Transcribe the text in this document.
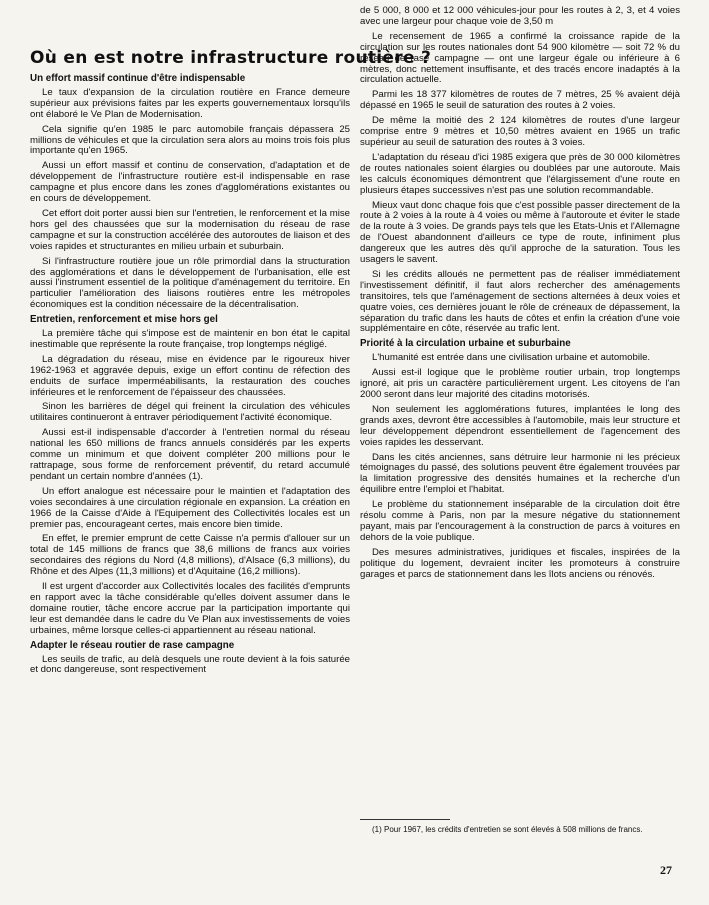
Où en est notre infrastructure routière ?
Un effort massif continue d'être indispensable

Le taux d'expansion de la circulation routière en France demeure supérieur aux prévisions faites par les experts gouvernementaux lorsqu'ils ont élaboré le Ve Plan de Modernisation.

Cela signifie qu'en 1985 le parc automobile français dépassera 25 millions de véhicules et que la circulation sera alors au moins trois fois plus importante qu'en 1965.

Aussi un effort massif et continu de conservation, d'adaptation et de développement de l'infrastructure routière est-il indispensable en rase campagne et plus encore dans les zones d'agglomérations existantes ou en cours de développement.

Cet effort doit porter aussi bien sur l'entretien, le renforcement et la mise hors gel des chaussées que sur la modernisation du réseau de rase campagne et sur la construction accélérée des autoroutes de liaison et des voies rapides et structurantes en milieu urbain et suburbain.

Si l'infrastructure routière joue un rôle primordial dans la structuration des agglomérations et dans le développement de l'urbanisation, elle est aussi l'instrument essentiel de la politique d'aménagement du territoire. En particulier l'amélioration des liaisons routières entre les métropoles économiques est la condition nécessaire de la décentralisation.

Entretien, renforcement et mise hors gel

La première tâche qui s'impose est de maintenir en bon état le capital inestimable que représente la route française, trop longtemps négligé.

La dégradation du réseau, mise en évidence par le rigoureux hiver 1962-1963 et aggravée depuis, exige un effort continu de réfection des enduits de surface imperméabilisants, la restauration des couches inférieures et le renforcement de l'épaisseur des chaussées.

Sinon les barrières de dégel qui freinent la circulation des véhicules utilitaires continueront à entraver périodiquement l'activité économique.

Aussi est-il indispensable d'accorder à l'entretien normal du réseau national les 650 millions de francs annuels considérés par les experts comme un minimum et que doivent compléter 200 millions pour le rattrapage, sous forme de renforcement préventif, du retard accumulé pendant un certain nombre d'années (1).

Un effort analogue est nécessaire pour le maintien et l'adaptation des voies secondaires à une circulation régionale en expansion. La création en 1966 de la Caisse d'Aide à l'Equipement des Collectivités locales est un premier pas, encourageant certes, mais encore bien timide.

En effet, le premier emprunt de cette Caisse n'a permis d'allouer sur un total de 145 millions de francs que 38,6 millions de francs aux voiries secondaires des régions du Nord (4,8 millions), d'Alsace (6,3 millions), du Rhône et des Alpes (11,3 millions) et d'Aquitaine (16,2 millions).

Il est urgent d'accorder aux Collectivités locales des facilités d'emprunts en rapport avec la tâche considérable qu'elles doivent assumer dans le domaine routier, tâche encore accrue par la participation importante qui leur est demandée dans le cadre du Ve Plan aux investissements de voies urbaines, même lorsque celles-ci appartiennent au réseau national.

Adapter le réseau routier de rase campagne

Les seuils de trafic, au delà desquels une route devient à la fois saturée et donc dangereuse, sont respectivement

de 5 000, 8 000 et 12 000 véhicules-jour pour les routes à 2, 3, et 4 voies avec une largeur pour chaque voie de 3,50 m

Le recensement de 1965 a confirmé la croissance rapide de la circulation sur les routes nationales dont 54 900 kilomètre — soit 72 % du réseau de rase campagne — ont une largeur égale ou inférieure à 6 mètres, donc nettement insuffisante, et des tracés encore inadaptés à la circulation actuelle.

Parmi les 18 377 kilomètres de routes de 7 mètres, 25 % avaient déjà dépassé en 1965 le seuil de saturation des routes à 2 voies.

De même la moitié des 2 124 kilomètres de routes d'une largeur comprise entre 9 mètres et 10,50 mètres avaient en 1965 un trafic supérieur au seuil de saturation des routes à 3 voies.

L'adaptation du réseau d'ici 1985 exigera que près de 30 000 kilomètres de routes nationales soient élargies ou doublées par une autoroute. Mais les calculs économiques démontrent que l'élargissement d'une route en plusieurs étapes successives n'est pas une solution recommandable.

Mieux vaut donc chaque fois que c'est possible passer directement de la route à 2 voies à la route à 4 voies ou même à l'autoroute et éviter le stade de la route à 3 voies. De grands pays tels que les Etats-Unis et l'Allemagne de l'Ouest abandonnent d'ailleurs ce type de route, infiniment plus dangereux que les autres dès qu'il approche de la saturation. Tous les usagers le savent.

Si les crédits alloués ne permettent pas de réaliser immédiatement l'investissement définitif, il faut alors rechercher des aménagements transitoires, tels que l'aménagement de sections alternées à deux voies et quatre voies, ces dernières jouant le rôle de créneaux de dépassement, la séparation du trafic dans les hauts de côtes et enfin la création d'une voie supplémentaire en côte, réservée au trafic lent.

Priorité à la circulation urbaine et suburbaine

L'humanité est entrée dans une civilisation urbaine et automobile.

Aussi est-il logique que le problème routier urbain, trop longtemps ignoré, ait pris un caractère particulièrement urgent. Les citoyens de l'an 2000 seront dans leur majorité des citadins motorisés.

Non seulement les agglomérations futures, implantées le long des grands axes, devront être accessibles à l'automobile, mais leur structure et leur développement dépendront essentiellement de l'agencement des voies rapides les desservant.

Dans les cités anciennes, sans détruire leur harmonie ni les précieux témoignages du passé, des solutions peuvent être également trouvées par la limitation progressive des densités humaines et la recherche d'un équilibre entre l'emploi et l'habitat.

Le problème du stationnement inséparable de la circulation doit être résolu comme à Paris, non par la mesure négative du stationnement payant, mais par l'encouragement à la construction de parcs à voitures en dehors de la voie publique.

Des mesures administratives, juridiques et fiscales, inspirées de la politique du logement, devraient inciter les promoteurs à construire garages et parcs de stationnement dans les îlots anciens ou rénovés.

(1) Pour 1967, les crédits d'entretien se sont élevés à 508 millions de francs.
27
